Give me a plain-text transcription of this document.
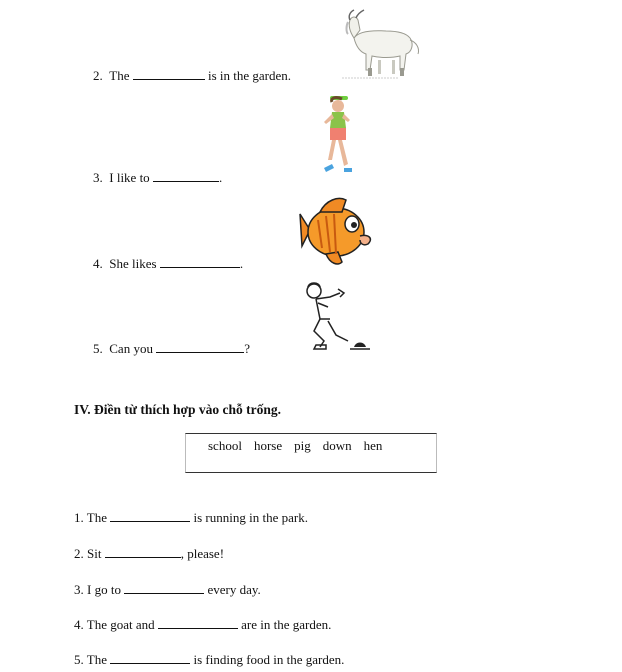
2. The	is in the garden.
3. I like to	.
4. She likes	.
5. Can you	?
IV. Điền từ thích hợp vào chỗ trống.
school horse pig down hen
1. The	is running in the park.
2. Sit	, please!
3. I go to	every day.
4. The goat and	are in the garden.
5. The	is finding food in the garden.
